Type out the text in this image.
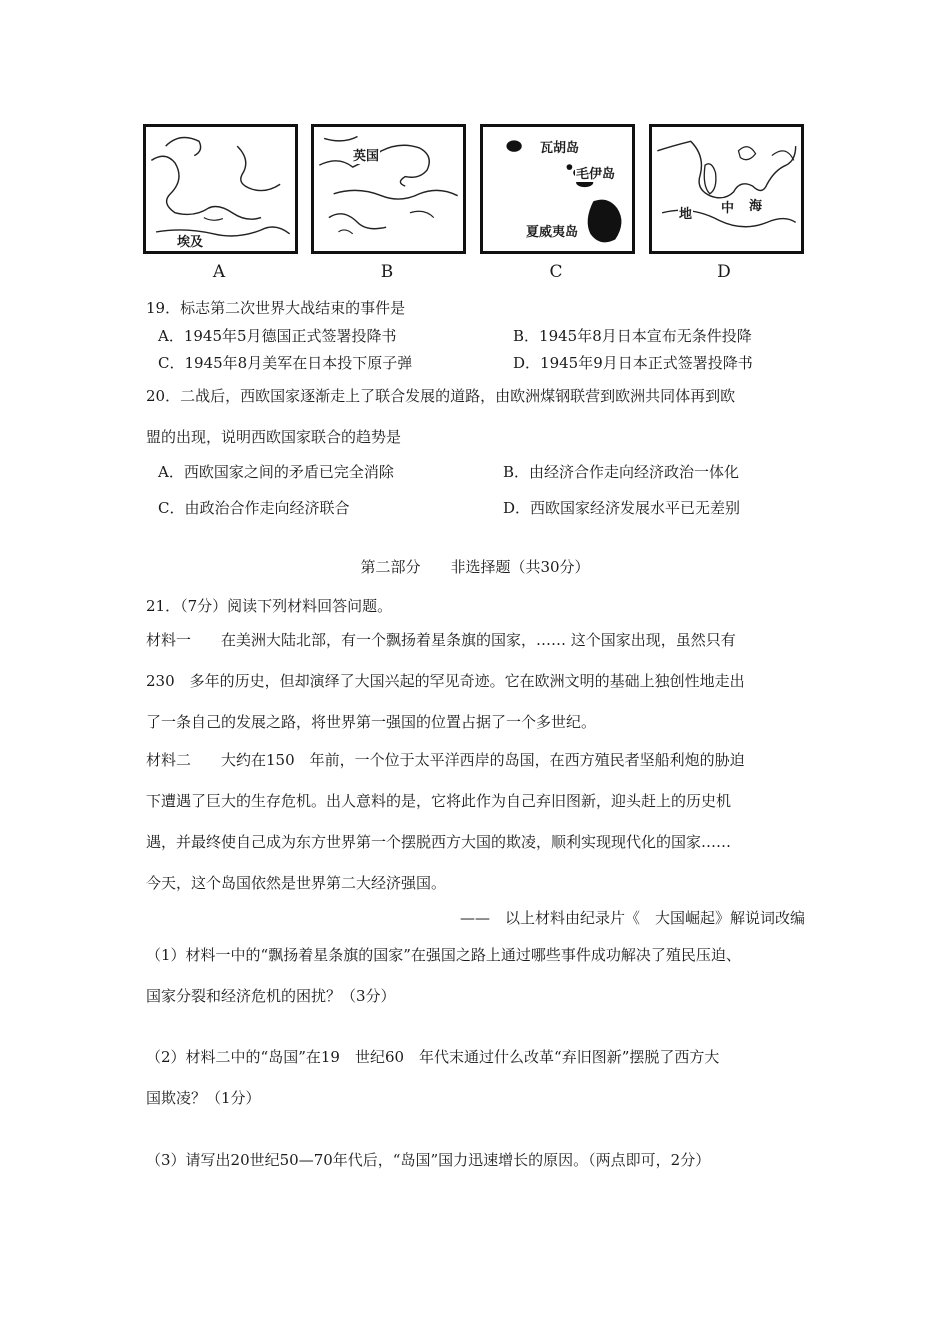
埃及
A
英国
B
瓦胡岛
毛伊岛
夏威夷岛
C
地 中 海
D
19．标志第二次世界大战结束的事件是
A．1945年5月德国正式签署投降书	B．1945年8月日本宣布无条件投降
C．1945年8月美军在日本投下原子弹	D．1945年9月日本正式签署投降书
20．二战后，西欧国家逐渐走上了联合发展的道路，由欧洲煤钢联营到欧洲共同体再到欧
盟的出现，说明西欧国家联合的趋势是
A．西欧国家之间的矛盾已完全消除	B．由经济合作走向经济政治一体化
C．由政治合作走向经济联合	D．西欧国家经济发展水平已无差别
第二部分　　非选择题（共30分）
21．（7分）阅读下列材料回答问题。
材料一　　在美洲大陆北部，有一个飘扬着星条旗的国家，…… 这个国家出现，虽然只有
230　多年的历史，但却演绎了大国兴起的罕见奇迹。它在欧洲文明的基础上独创性地走出
了一条自己的发展之路，将世界第一强国的位置占据了一个多世纪。
材料二　　大约在150　年前，一个位于太平洋西岸的岛国，在西方殖民者坚船利炮的胁迫
下遭遇了巨大的生存危机。出人意料的是，它将此作为自己弃旧图新，迎头赶上的历史机
遇，并最终使自己成为东方世界第一个摆脱西方大国的欺凌，顺利实现现代化的国家……
今天，这个岛国依然是世界第二大经济强国。
——　以上材料由纪录片《　大国崛起》解说词改编
（1）材料一中的“飘扬着星条旗的国家”在强国之路上通过哪些事件成功解决了殖民压迫、
国家分裂和经济危机的困扰？（3分）
（2）材料二中的“岛国”在19　世纪60　年代末通过什么改革“弃旧图新”摆脱了西方大
国欺凌？（1分）
（3）请写出20世纪50—70年代后，“岛国”国力迅速增长的原因。（两点即可，2分）
